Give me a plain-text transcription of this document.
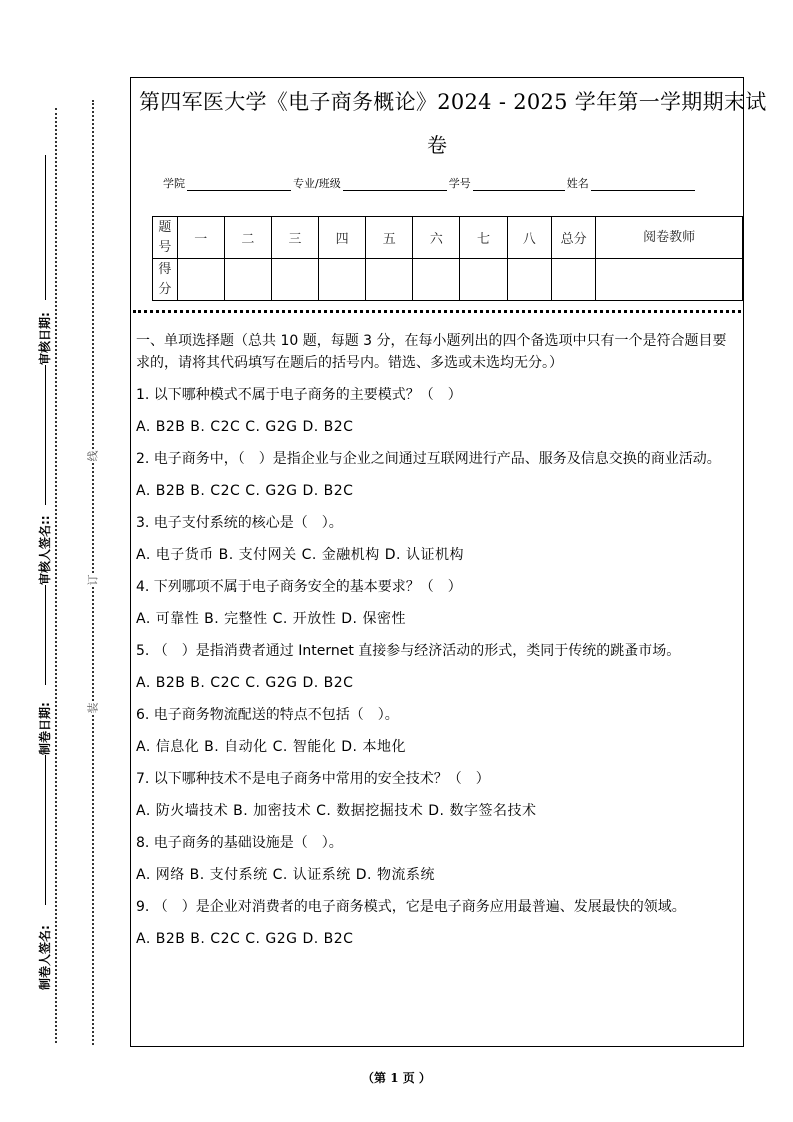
审核日期:
审核人签名::
制卷日期:
制卷人签名:
线
订
装
第四军医大学《电子商务概论》2024 - 2025 学年第一学期期末试
卷
学院	专业/班级	学号	姓名
题号	一	二	三	四	五	六	七	八	总分	阅卷教师
得分										

一、单项选择题（总共 10 题，每题 3 分，在每小题列出的四个备选项中只有一个是符合题目要求的，请将其代码填写在题后的括号内。错选、多选或未选均无分。）

1. 以下哪种模式不属于电子商务的主要模式？（　）

A. B2B B. C2C C. G2G D. B2C

2. 电子商务中，（　）是指企业与企业之间通过互联网进行产品、服务及信息交换的商业活动。

A. B2B B. C2C C. G2G D. B2C

3. 电子支付系统的核心是（　）。

A. 电子货币 B. 支付网关 C. 金融机构 D. 认证机构

4. 下列哪项不属于电子商务安全的基本要求？（　）

A. 可靠性 B. 完整性 C. 开放性 D. 保密性

5. （　）是指消费者通过 Internet 直接参与经济活动的形式，类同于传统的跳蚤市场。

A. B2B B. C2C C. G2G D. B2C

6. 电子商务物流配送的特点不包括（　）。

A. 信息化 B. 自动化 C. 智能化 D. 本地化

7. 以下哪种技术不是电子商务中常用的安全技术？（　）

A. 防火墙技术 B. 加密技术 C. 数据挖掘技术 D. 数字签名技术

8. 电子商务的基础设施是（　）。

A. 网络 B. 支付系统 C. 认证系统 D. 物流系统

9. （　）是企业对消费者的电子商务模式，它是电子商务应用最普遍、发展最快的领域。

A. B2B B. C2C C. G2G D. B2C

（第 1 页 ）
